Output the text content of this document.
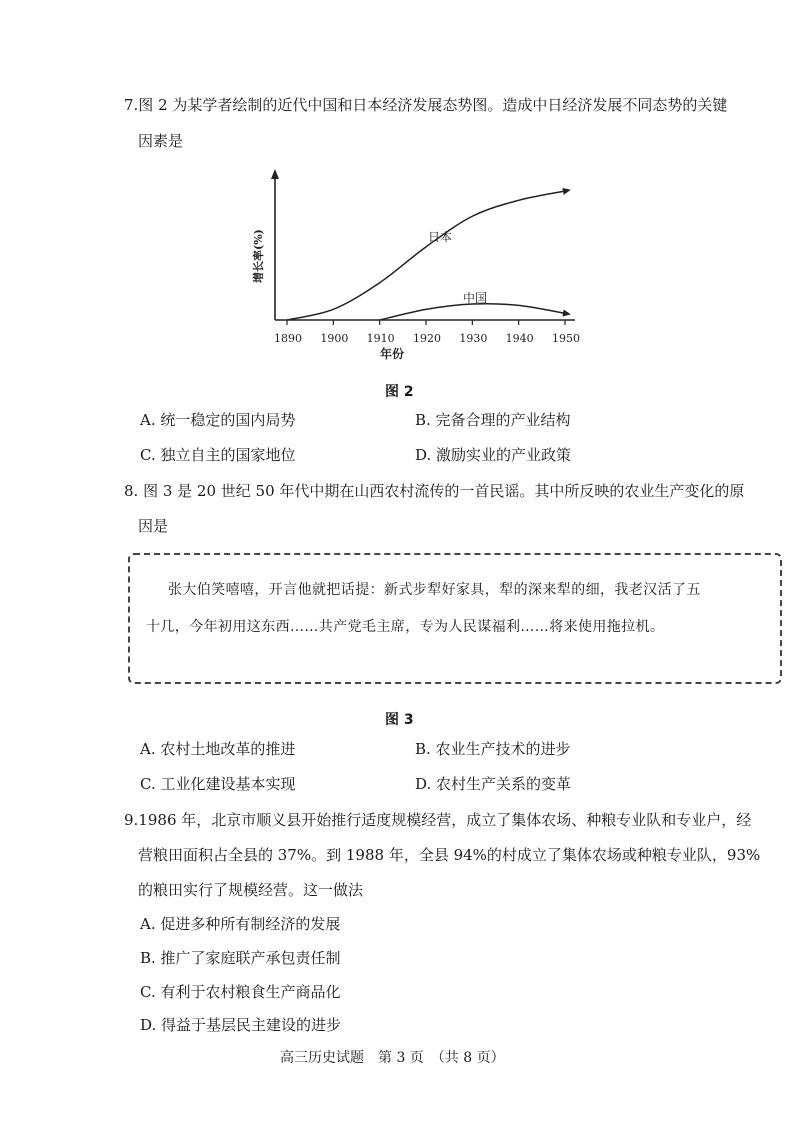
7.图 2 为某学者绘制的近代中国和日本经济发展态势图。造成中日经济发展不同态势的关键
因素是
1890 1900 1910 1920 1930 1940 1950
增长率(%)
年份
日本
中国
图 2
A. 统一稳定的国内局势	B. 完备合理的产业结构
C. 独立自主的国家地位	D. 激励实业的产业政策
8. 图 3 是 20 世纪 50 年代中期在山西农村流传的一首民谣。其中所反映的农业生产变化的原
因是
张大伯笑嘻嘻，开言他就把话提：新式步犁好家具，犁的深来犁的细，我老汉活了五
十几，今年初用这东西……共产党毛主席，专为人民谋福利……将来使用拖拉机。
图 3
A. 农村土地改革的推进	B. 农业生产技术的进步
C. 工业化建设基本实现	D. 农村生产关系的变革
9.1986 年，北京市顺义县开始推行适度规模经营，成立了集体农场、种粮专业队和专业户，经
营粮田面积占全县的 37%。到 1988 年，全县 94%的村成立了集体农场或种粮专业队，93%
的粮田实行了规模经营。这一做法
A. 促进多种所有制经济的发展
B. 推广了家庭联产承包责任制
C. 有利于农村粮食生产商品化
D. 得益于基层民主建设的进步
高三历史试题　第 3 页　（共 8 页）
